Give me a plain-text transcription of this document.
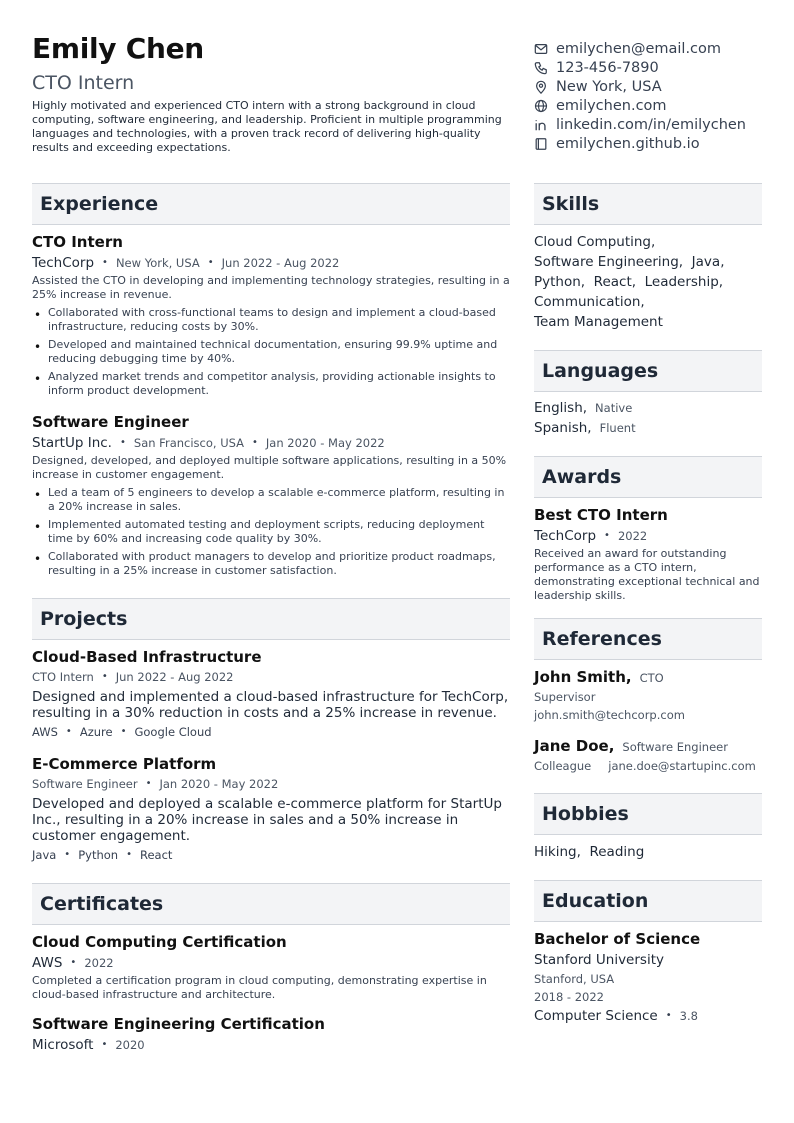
Emily Chen
CTO Intern
Highly motivated and experienced CTO intern with a strong background in cloud computing, software engineering, and leadership. Proficient in multiple programming languages and technologies, with a proven track record of delivering high-quality results and exceeding expectations.
emilychen@email.com
123-456-7890
New York, USA
emilychen.com
linkedin.com/in/emilychen
emilychen.github.io
Experience
CTO Intern
TechCorp • New York, USA • Jun 2022 - Aug 2022
Assisted the CTO in developing and implementing technology strategies, resulting in a 25% increase in revenue.
• Collaborated with cross-functional teams to design and implement a cloud-based infrastructure, reducing costs by 30%.
• Developed and maintained technical documentation, ensuring 99.9% uptime and reducing debugging time by 40%.
• Analyzed market trends and competitor analysis, providing actionable insights to inform product development.
Software Engineer
StartUp Inc. • San Francisco, USA • Jan 2020 - May 2022
Designed, developed, and deployed multiple software applications, resulting in a 50% increase in customer engagement.
• Led a team of 5 engineers to develop a scalable e-commerce platform, resulting in a 20% increase in sales.
• Implemented automated testing and deployment scripts, reducing deployment time by 60% and increasing code quality by 30%.
• Collaborated with product managers to develop and prioritize product roadmaps, resulting in a 25% increase in customer satisfaction.
Projects
Cloud-Based Infrastructure
CTO Intern • Jun 2022 - Aug 2022
Designed and implemented a cloud-based infrastructure for TechCorp, resulting in a 30% reduction in costs and a 25% increase in revenue.
AWS • Azure • Google Cloud
E-Commerce Platform
Software Engineer • Jan 2020 - May 2022
Developed and deployed a scalable e-commerce platform for StartUp Inc., resulting in a 20% increase in sales and a 50% increase in customer engagement.
Java • Python • React
Certificates
Cloud Computing Certification
AWS • 2022
Completed a certification program in cloud computing, demonstrating expertise in cloud-based infrastructure and architecture.
Software Engineering Certification
Microsoft • 2020
Skills
Cloud Computing,
Software Engineering,  Java,
Python,  React,  Leadership,
Communication,
Team Management
Languages
English, Native
Spanish, Fluent
Awards
Best CTO Intern
TechCorp • 2022
Received an award for outstanding performance as a CTO intern, demonstrating exceptional technical and leadership skills.
References
John Smith, CTO
Supervisor
john.smith@techcorp.com
Jane Doe, Software Engineer
Colleague jane.doe@startupinc.com
Hobbies
Hiking,  Reading
Education
Bachelor of Science
Stanford University
Stanford, USA
2018 - 2022
Computer Science • 3.8
